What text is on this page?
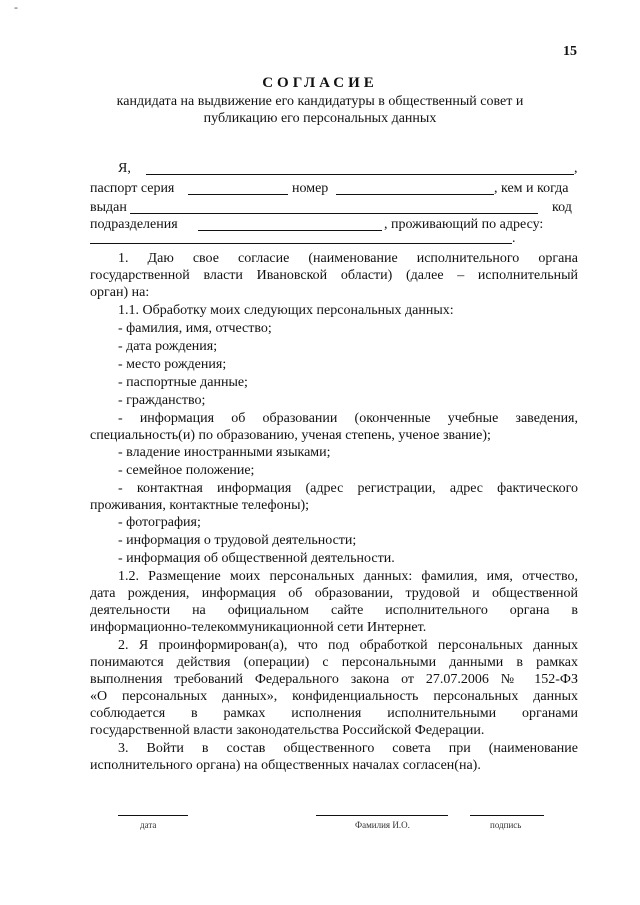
-
15
СОГЛАСИЕ
кандидата на выдвижение его кандидатуры в общественный совет и
публикацию его персональных данных
Я,	,
паспорт серия	номер	, кем и когда
выдан	код
подразделения	, проживающий по адресу:
.
1. Даю свое согласие (наименование исполнительного органа
государственной власти Ивановской области) (далее – исполнительный
орган) на:
1.1. Обработку моих следующих персональных данных:
- фамилия, имя, отчество;
- дата рождения;
- место рождения;
- паспортные данные;
- гражданство;
- информация об образовании (оконченные учебные заведения,
специальность(и) по образованию, ученая степень, ученое звание);
- владение иностранными языками;
- семейное положение;
- контактная информация (адрес регистрации, адрес фактического
проживания, контактные телефоны);
- фотография;
- информация о трудовой деятельности;
- информация об общественной деятельности.
1.2. Размещение моих персональных данных: фамилия, имя, отчество,
дата рождения, информация об образовании, трудовой и общественной
деятельности на официальном сайте исполнительного органа в
информационно-телекоммуникационной сети Интернет.
2. Я проинформирован(а), что под обработкой персональных данных
понимаются действия (операции) с персональными данными в рамках
выполнения требований Федерального закона от 27.07.2006 № 152-ФЗ
«О персональных данных», конфиденциальность персональных данных
соблюдается в рамках исполнения исполнительными органами
государственной власти законодательства Российской Федерации.
3. Войти в состав общественного совета при (наименование
исполнительного органа) на общественных началах согласен(на).
дата	Фамилия И.О.	подпись
